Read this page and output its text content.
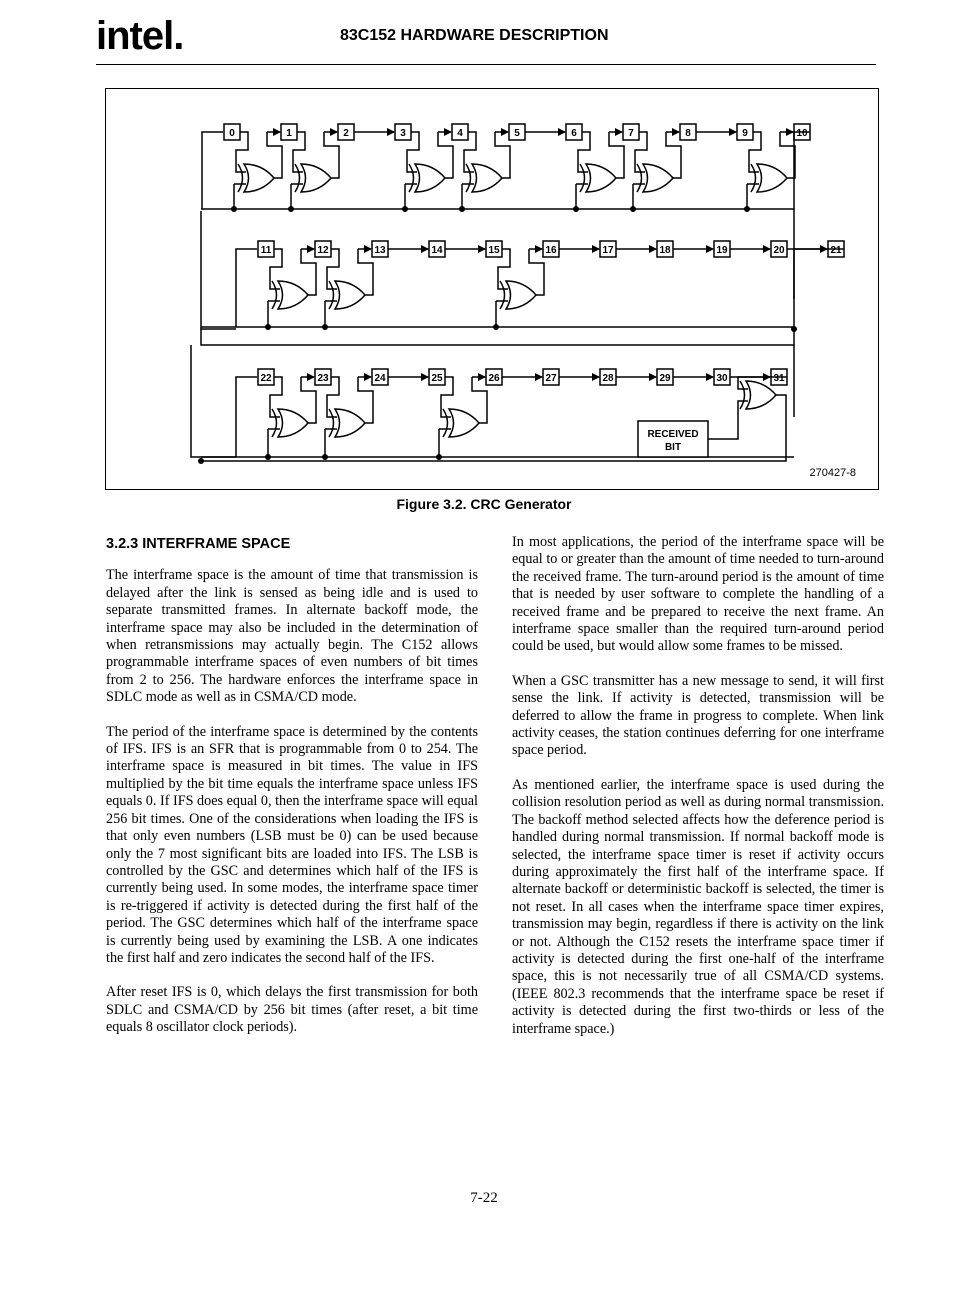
intel.	83C152 HARDWARE DESCRIPTION
0	1	2	3	4	5	6	7	8	9	10
11	12	13	14	15	16	17	18	19	20	21
22	23	24	25	26	27	28	29	30	31
RECEIVED
BIT
270427-8
Figure 3.2. CRC Generator
3.2.3 INTERFRAME SPACE

The interframe space is the amount of time that transmission is delayed after the link is sensed as being idle and is used to separate transmitted frames. In alternate backoff mode, the interframe space may also be included in the determination of when retransmissions may actually begin. The C152 allows programmable interframe spaces of even numbers of bit times from 2 to 256. The hardware enforces the interframe space in SDLC mode as well as in CSMA/CD mode.

The period of the interframe space is determined by the contents of IFS. IFS is an SFR that is programmable from 0 to 254. The interframe space is measured in bit times. The value in IFS multiplied by the bit time equals the interframe space unless IFS equals 0. If IFS does equal 0, then the interframe space will equal 256 bit times. One of the considerations when loading the IFS is that only even numbers (LSB must be 0) can be used because only the 7 most significant bits are loaded into IFS. The LSB is controlled by the GSC and determines which half of the IFS is currently being used. In some modes, the interframe space timer is re-triggered if activity is detected during the first half of the period. The GSC determines which half of the interframe space is currently being used by examining the LSB. A one indicates the first half and zero indicates the second half of the IFS.

After reset IFS is 0, which delays the first transmission for both SDLC and CSMA/CD by 256 bit times (after reset, a bit time equals 8 oscillator clock periods).

In most applications, the period of the interframe space will be equal to or greater than the amount of time needed to turn-around the received frame. The turn-around period is the amount of time that is needed by user software to complete the handling of a received frame and be prepared to receive the next frame. An interframe space smaller than the required turn-around period could be used, but would allow some frames to be missed.

When a GSC transmitter has a new message to send, it will first sense the link. If activity is detected, transmission will be deferred to allow the frame in progress to complete. When link activity ceases, the station continues deferring for one interframe space period.

As mentioned earlier, the interframe space is used during the collision resolution period as well as during normal transmission. The backoff method selected affects how the deference period is handled during normal transmission. If normal backoff mode is selected, the interframe space timer is reset if activity occurs during approximately the first half of the interframe space. If alternate backoff or deterministic backoff is selected, the timer is not reset. In all cases when the interframe space timer expires, transmission may begin, regardless if there is activity on the link or not. Although the C152 resets the interframe space timer if activity is detected during the first one-half of the interframe space, this is not necessarily true of all CSMA/CD systems. (IEEE 802.3 recommends that the interframe space be reset if activity is detected during the first two-thirds or less of the interframe space.)

7-22
